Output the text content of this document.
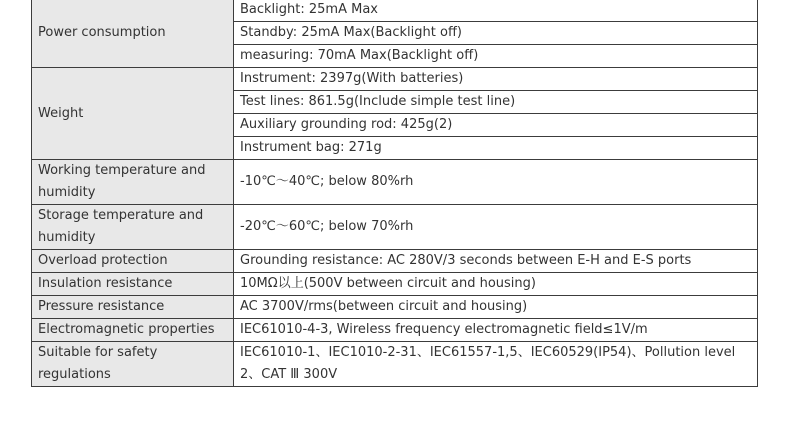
Power consumption	Backlight: 25mA Max
	Standby: 25mA Max(Backlight off)
	measuring: 70mA Max(Backlight off)
Weight	Instrument: 2397g(With batteries)
	Test lines: 861.5g(Include simple test line)
	Auxiliary grounding rod: 425g(2)
	Instrument bag: 271g
Working temperature and humidity	-10℃～40℃; below 80%rh
Storage temperature and humidity	-20℃～60℃; below 70%rh
Overload protection	Grounding resistance: AC 280V/3 seconds between E-H and E-S ports
Insulation resistance	10MΩ以上(500V between circuit and housing)
Pressure resistance	AC 3700V/rms(between circuit and housing)
Electromagnetic properties	IEC61010-4-3, Wireless frequency electromagnetic field≤1V/m
Suitable for safety regulations	IEC61010-1、IEC1010-2-31、IEC61557-1,5、IEC60529(IP54)、Pollution level 2、CAT Ⅲ 300V
